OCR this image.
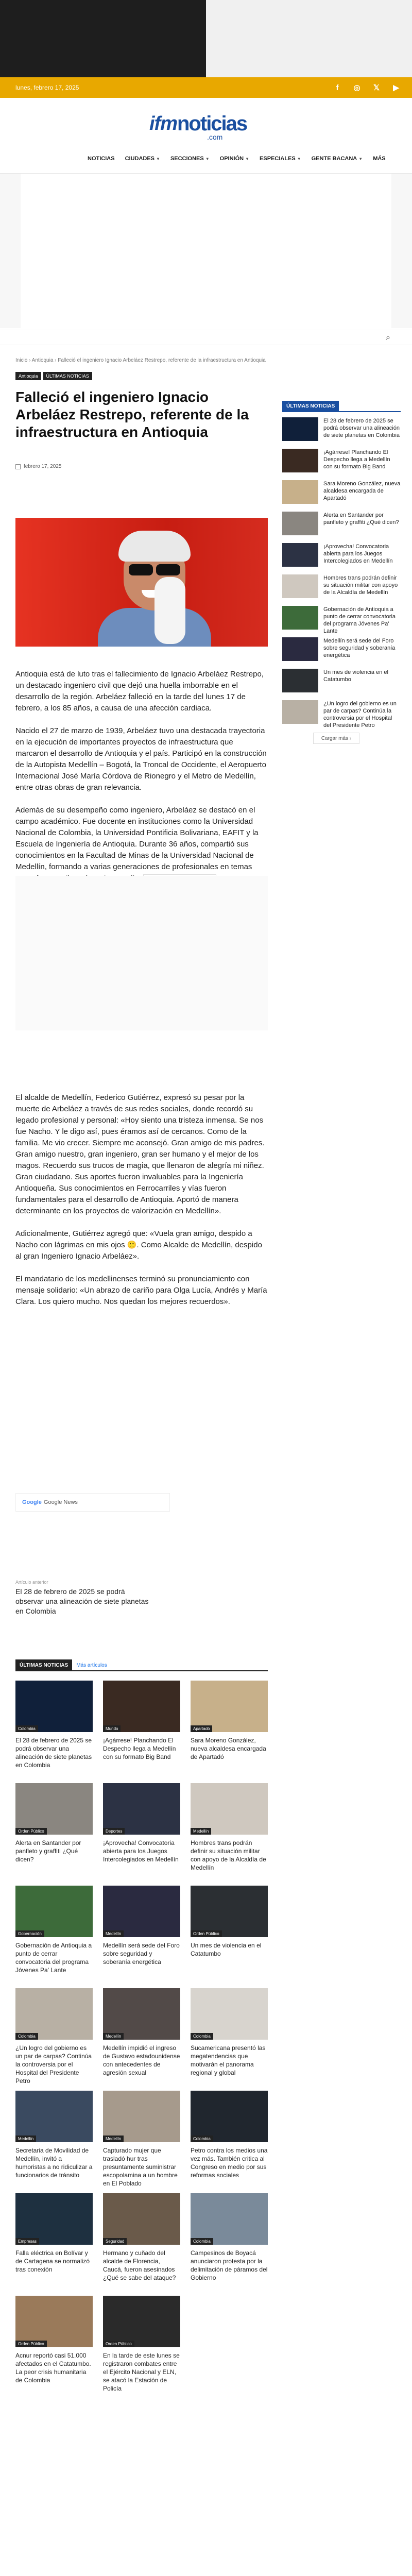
lunes, febrero 17, 2025	f	◎ 𝕏 ▶
ifm noticias
.com
NOTICIAS CIUDADES ▼ SECCIONES ▼ OPINIÓN ▼ ESPECIALES ▼ GENTE BACANA ▼ MÁS
⌕
Inicio › Antioquia › Falleció el ingeniero Ignacio Arbeláez Restrepo, referente de la infraestructura en Antioquia
Antioquia	ÚLTIMAS NOTICIAS
Falleció el ingeniero Ignacio Arbeláez Restrepo, referente de la infraestructura en Antioquia
febrero 17, 2025

Antioquia está de luto tras el fallecimiento de Ignacio Arbeláez Restrepo, un destacado ingeniero civil que dejó una huella imborrable en el desarrollo de la región. Arbeláez falleció en la tarde del lunes 17 de febrero, a los 85 años, a causa de una afección cardiaca.

Nacido el 27 de marzo de 1939, Arbeláez tuvo una destacada trayectoria en la ejecución de importantes proyectos de infraestructura que marcaron el desarrollo de Antioquia y el país. Participó en la construcción de la Autopista Medellín – Bogotá, la Troncal de Occidente, el Aeropuerto Internacional José María Córdova de Rionegro y el Metro de Medellín, entre otras obras de gran relevancia.

Además de su desempeño como ingeniero, Arbeláez se destacó en el campo académico. Fue docente en instituciones como la Universidad Nacional de Colombia, la Universidad Pontificia Bolivariana, EAFIT y la Escuela de Ingeniería de Antioquia. Durante 36 años, compartió sus conocimientos en la Facultad de Minas de la Universidad Nacional de Medellín, formando a varias generaciones de profesionales en temas

El alcalde de Medellín, Federico Gutiérrez, expresó su pesar por la muerte de Arbeláez a través de sus redes sociales, donde recordó su legado profesional y personal: «Hoy siento una tristeza inmensa. Se nos fue Nacho. Y le digo así, pues éramos así de cercanos. Como de la familia. Me vio crecer. Siempre me aconsejó. Gran amigo de mis padres. Gran amigo nuestro, gran ingeniero, gran ser humano y el mejor de los magos. Recuerdo sus trucos de magia, que llenaron de alegría mi niñez. Gran ciudadano. Sus aportes fueron invaluables para la Ingeniería Antioqueña. Sus conocimientos en Ferrocarriles y vías fueron fundamentales para el desarrollo de Antioquia. Aportó de manera determinante en los proyectos de valorización en Medellín».

Adicionalmente, Gutiérrez agregó que: «Vuela gran amigo, despido a Nacho con lágrimas en mis ojos 🙁. Como Alcalde de Medellín, despido al gran Ingeniero Ignacio Arbeláez».

El mandatario de los medellinenses terminó su pronunciamiento con mensaje solidario: «Un abrazo de cariño para Olga Lucía, Andrés y María Clara. Los quiero mucho. Nos quedan los mejores recuerdos».

Google Google News
Artículo anterior
El 28 de febrero de 2025 se podrá observar una alineación de siete planetas en Colombia
ÚLTIMAS NOTICIAS	Más artículos
Colombia
El 28 de febrero de 2025 se podrá observar una alineación de siete planetas en Colombia
Mundo
¡Agárrese! Planchando El Despecho llega a Medellín con su formato Big Band
Apartadó
Sara Moreno González, nueva alcaldesa encargada de Apartadó
Orden Público
Alerta en Santander por panfleto y graffiti ¿Qué dicen?
Deportes
¡Aprovecha! Convocatoria abierta para los Juegos Intercolegiados en Medellín
Medellín
Hombres trans podrán definir su situación militar con apoyo de la Alcaldía de Medellín
Gobernación
Gobernación de Antioquia a punto de cerrar convocatoria del programa Jóvenes Pa' Lante
Medellín
Medellín será sede del Foro sobre seguridad y soberanía energética
Orden Público
Un mes de violencia en el Catatumbo
Colombia
¿Un logro del gobierno es un par de carpas? Continúa la controversia por el Hospital del Presidente Petro
Medellín
Medellín impidió el ingreso de Gustavo estadounidense con antecedentes de agresión sexual
Colombia
Sucamericana presentó las megatendencias que motivarán el panorama regional y global
Medellín
Secretaria de Movilidad de Medellín, invitó a humoristas a no ridiculizar a funcionarios de tránsito
Medellín
Capturado mujer que trasladó hur tras presuntamente suministrar escopolamina a un hombre en El Poblado
Colombia
Petro contra los medios una vez más. También critica al Congreso en medio por sus reformas sociales
Empresas
Falla eléctrica en Bolívar y de Cartagena se normalizó tras conexión
Seguridad
Hermano y cuñado del alcalde de Florencia, Caucá, fueron asesinados ¿Qué se sabe del ataque?
Colombia
Campesinos de Boyacá anunciaron protesta por la delimitación de páramos del Gobierno
Orden Público
Acnur reportó casi 51.000 afectados en el Catatumbo. La peor crisis humanitaria de Colombia
Orden Público
En la tarde de este lunes se registraron combates entre el Ejército Nacional y ELN, se atacó la Estación de Policía
ÚLTIMAS NOTICIAS
El 28 de febrero de 2025 se podrá observar una alineación de siete planetas en Colombia
¡Agárrese! Planchando El Despecho llega a Medellín con su formato Big Band
Sara Moreno González, nueva alcaldesa encargada de Apartadó
Alerta en Santander por panfleto y graffiti ¿Qué dicen?
¡Aprovecha! Convocatoria abierta para los Juegos Intercolegiados en Medellín
Hombres trans podrán definir su situación militar con apoyo de la Alcaldía de Medellín
Gobernación de Antioquia a punto de cerrar convocatoria del programa Jóvenes Pa' Lante
Medellín será sede del Foro sobre seguridad y soberanía energética
Un mes de violencia en el Catatumbo
¿Un logro del gobierno es un par de carpas? Continúa la controversia por el Hospital del Presidente Petro
Cargar más ›
